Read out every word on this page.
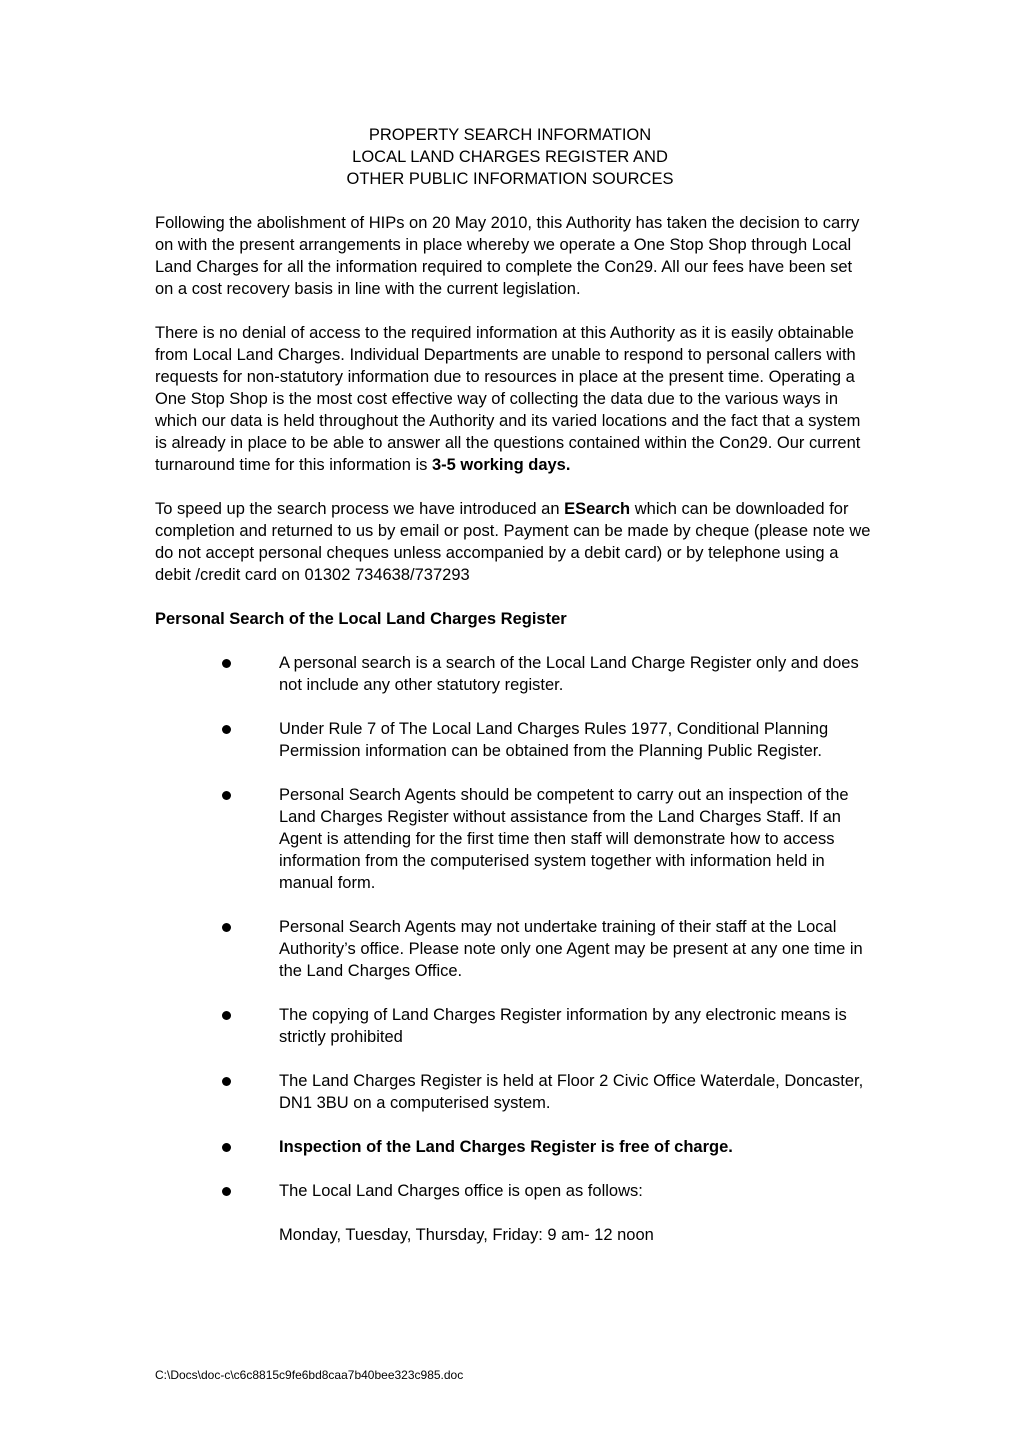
PROPERTY SEARCH INFORMATION
LOCAL LAND CHARGES REGISTER AND
OTHER PUBLIC INFORMATION SOURCES

Following the abolishment of HIPs on 20 May 2010, this Authority has taken the decision to carry on with the present arrangements in place whereby we operate a One Stop Shop through Local Land Charges for all the information required to complete the Con29. All our fees have been set on a cost recovery basis in line with the current legislation.

There is no denial of access to the required information at this Authority as it is easily obtainable from Local Land Charges. Individual Departments are unable to respond to personal callers with requests for non-statutory information due to resources in place at the present time. Operating a One Stop Shop is the most cost effective way of collecting the data due to the various ways in which our data is held throughout the Authority and its varied locations and the fact that a system is already in place to be able to answer all the questions contained within the Con29. Our current turnaround time for this information is 3-5 working days.

To speed up the search process we have introduced an ESearch which can be downloaded for completion and returned to us by email or post. Payment can be made by cheque (please note we do not accept personal cheques unless accompanied by a debit card) or by telephone using a debit /credit card on 01302 734638/737293

Personal Search of the Local Land Charges Register

A personal search is a search of the Local Land Charge Register only and does not include any other statutory register.
Under Rule 7 of The Local Land Charges Rules 1977, Conditional Planning Permission information can be obtained from the Planning Public Register.
Personal Search Agents should be competent to carry out an inspection of the Land Charges Register without assistance from the Land Charges Staff. If an Agent is attending for the first time then staff will demonstrate how to access information from the computerised system together with information held in manual form.
Personal Search Agents may not undertake training of their staff at the Local Authority’s office. Please note only one Agent may be present at any one time in the Land Charges Office.
The copying of Land Charges Register information by any electronic means is strictly prohibited
The Land Charges Register is held at Floor 2 Civic Office Waterdale, Doncaster, DN1 3BU on a computerised system.
Inspection of the Land Charges Register is free of charge.
The Local Land Charges office is open as follows:

Monday, Tuesday, Thursday, Friday: 9 am- 12 noon

C:\Docs\doc-c\c6c8815c9fe6bd8caa7b40bee323c985.doc
